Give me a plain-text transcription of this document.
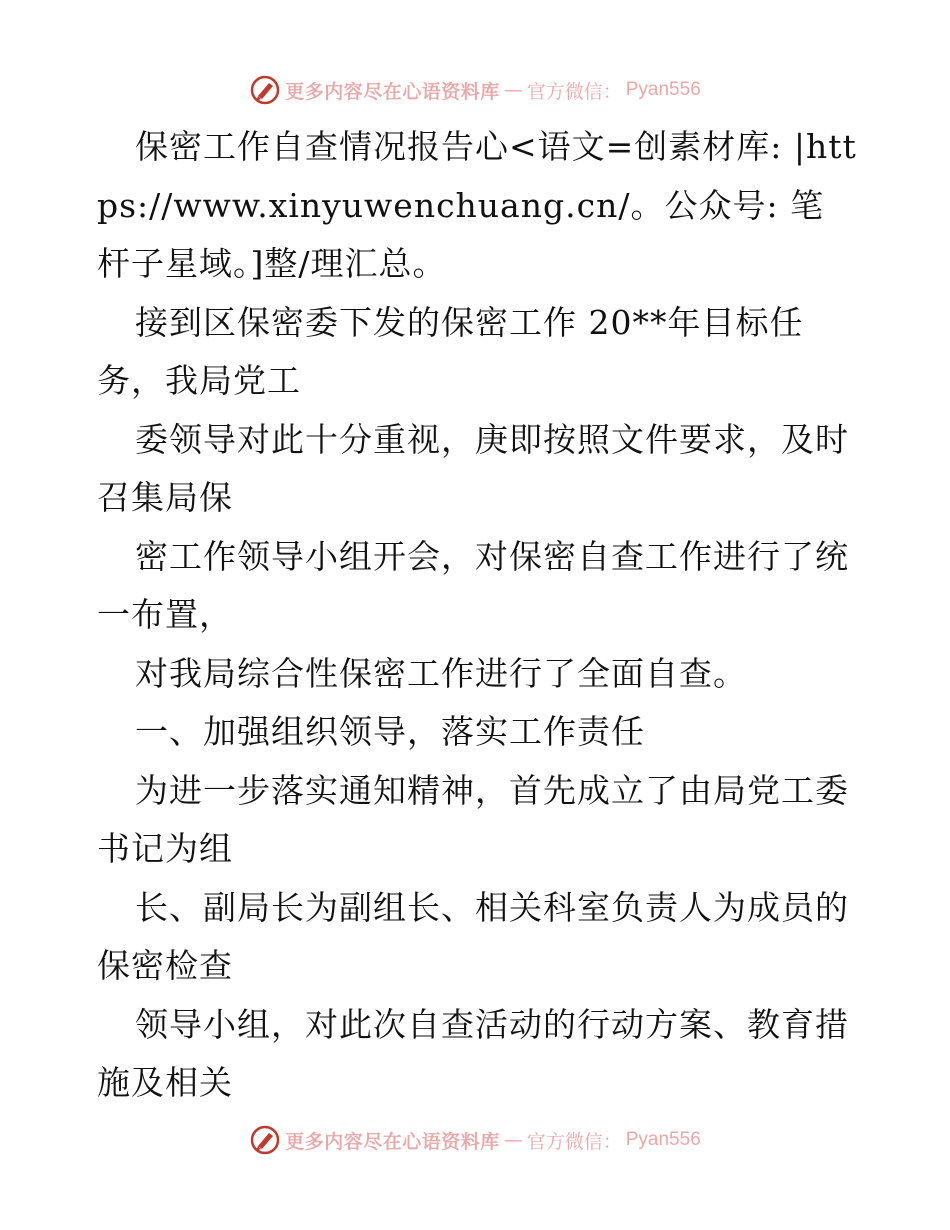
更多内容尽在心语资料库 — 官方微信： Pyan556

保密工作自查情况报告心<语文=创素材库: |https://www.xinyuwenchuang.cn/。公众号: 笔杆子星域。]整/理汇总。

接到区保密委下发的保密工作 20**年目标任务，我局党工

委领导对此十分重视，庚即按照文件要求，及时召集局保

密工作领导小组开会，对保密自查工作进行了统一布置，

对我局综合性保密工作进行了全面自查。

一、加强组织领导，落实工作责任

为进一步落实通知精神，首先成立了由局党工委书记为组

长、副局长为副组长、相关科室负责人为成员的保密检查

领导小组，对此次自查活动的行动方案、教育措施及相关

更多内容尽在心语资料库 — 官方微信： Pyan556
